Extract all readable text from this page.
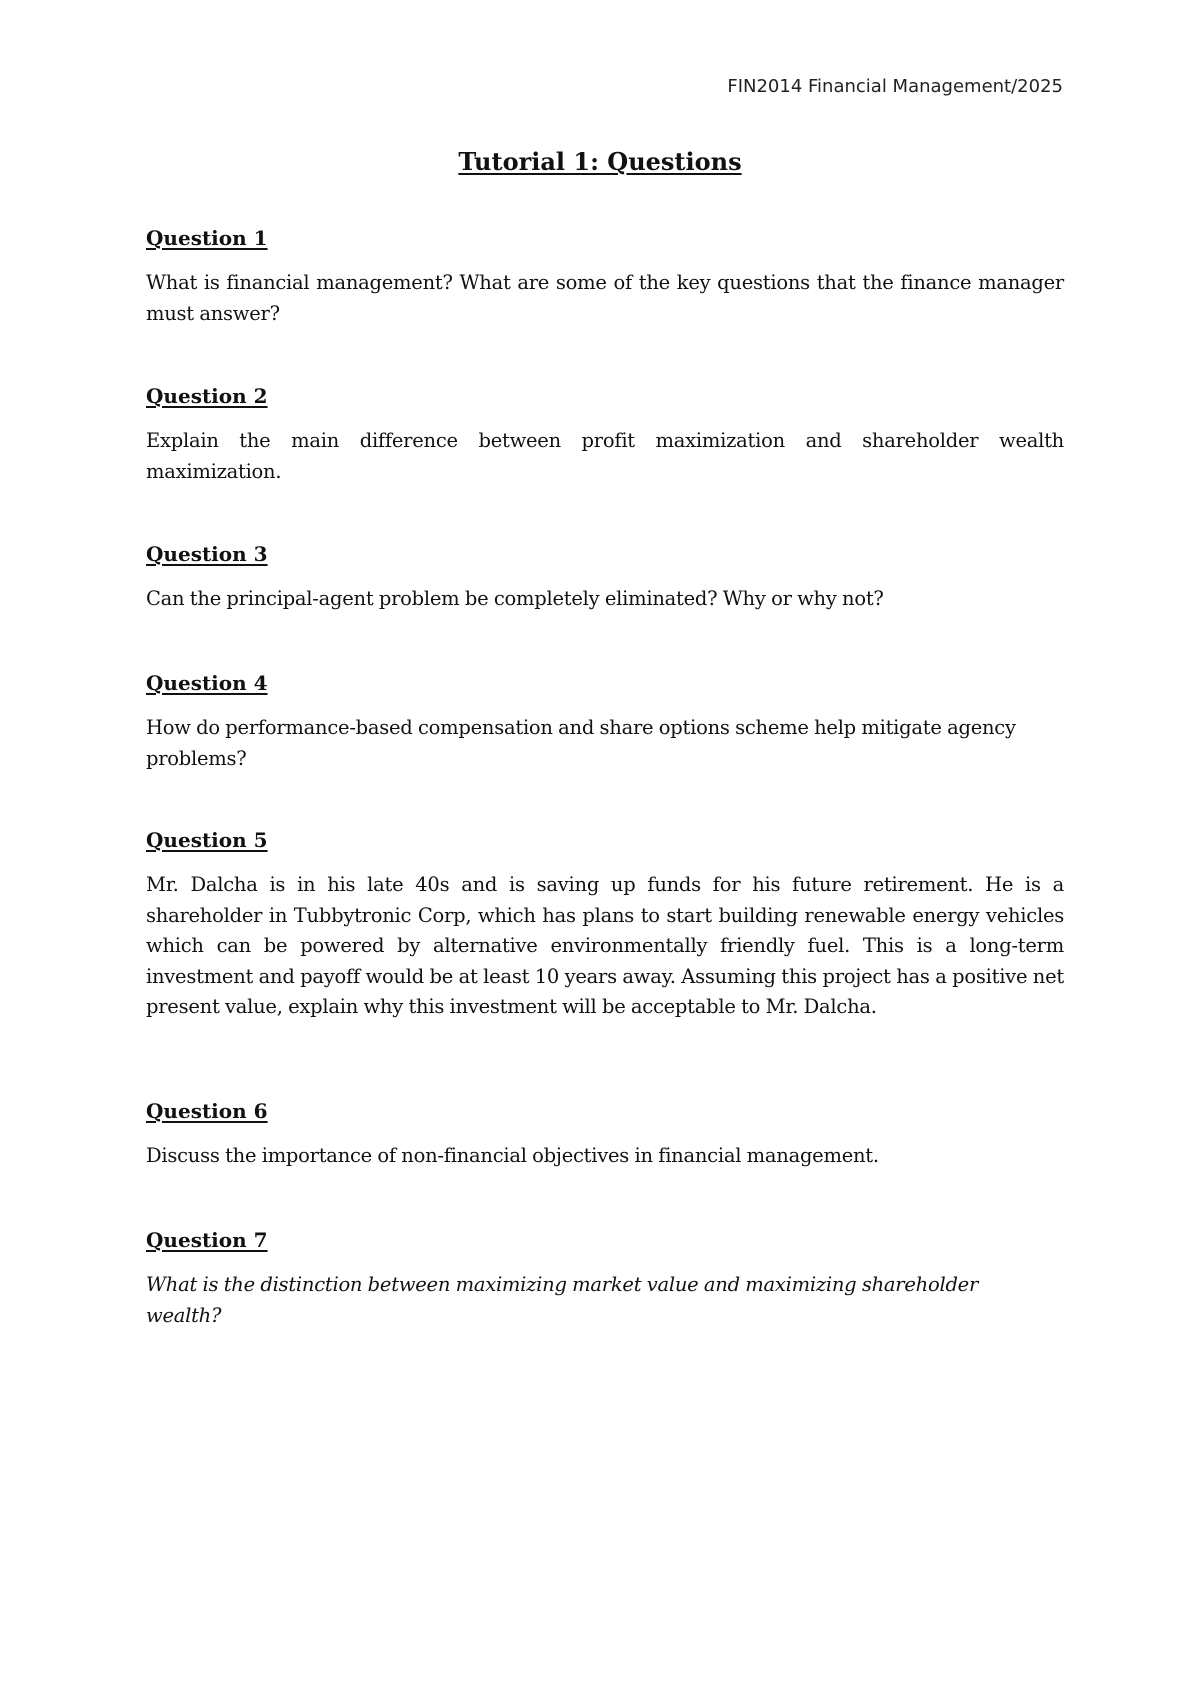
FIN2014 Financial Management/2025
Tutorial 1: Questions
Question 1

What is financial management? What are some of the key questions that the finance manager must answer?

Question 2

Explain the main difference between profit maximization and shareholder wealth maximization.

Question 3

Can the principal-agent problem be completely eliminated? Why or why not?

Question 4

How do performance-based compensation and share options scheme help mitigate agency problems?

Question 5

Mr. Dalcha is in his late 40s and is saving up funds for his future retirement. He is a shareholder in Tubbytronic Corp, which has plans to start building renewable energy vehicles which can be powered by alternative environmentally friendly fuel. This is a long-term investment and payoff would be at least 10 years away. Assuming this project has a positive net present value, explain why this investment will be acceptable to Mr. Dalcha.

Question 6

Discuss the importance of non-financial objectives in financial management.

Question 7

What is the distinction between maximizing market value and maximizing shareholder wealth?
